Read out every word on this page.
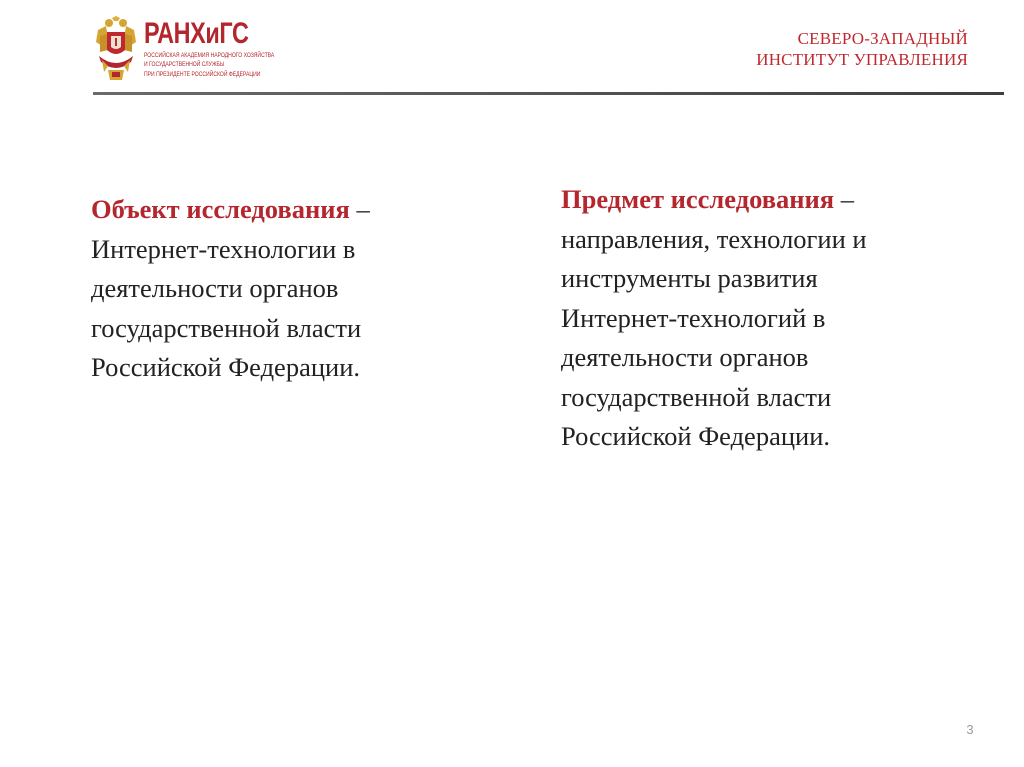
РАНХиГС
РОССИЙСКАЯ АКАДЕМИЯ НАРОДНОГО ХОЗЯЙСТВА
И ГОСУДАРСТВЕННОЙ СЛУЖБЫ
ПРИ ПРЕЗИДЕНТЕ РОССИЙСКОЙ ФЕДЕРАЦИИ
СЕВЕРО-ЗАПАДНЫЙ
ИНСТИТУТ УПРАВЛЕНИЯ
Объект исследования –
Интернет-технологии в
деятельности органов
государственной власти
Российской Федерации.
Предмет исследования –
направления, технологии и
инструменты развития
Интернет-технологий в
деятельности органов
государственной власти
Российской Федерации.
3
